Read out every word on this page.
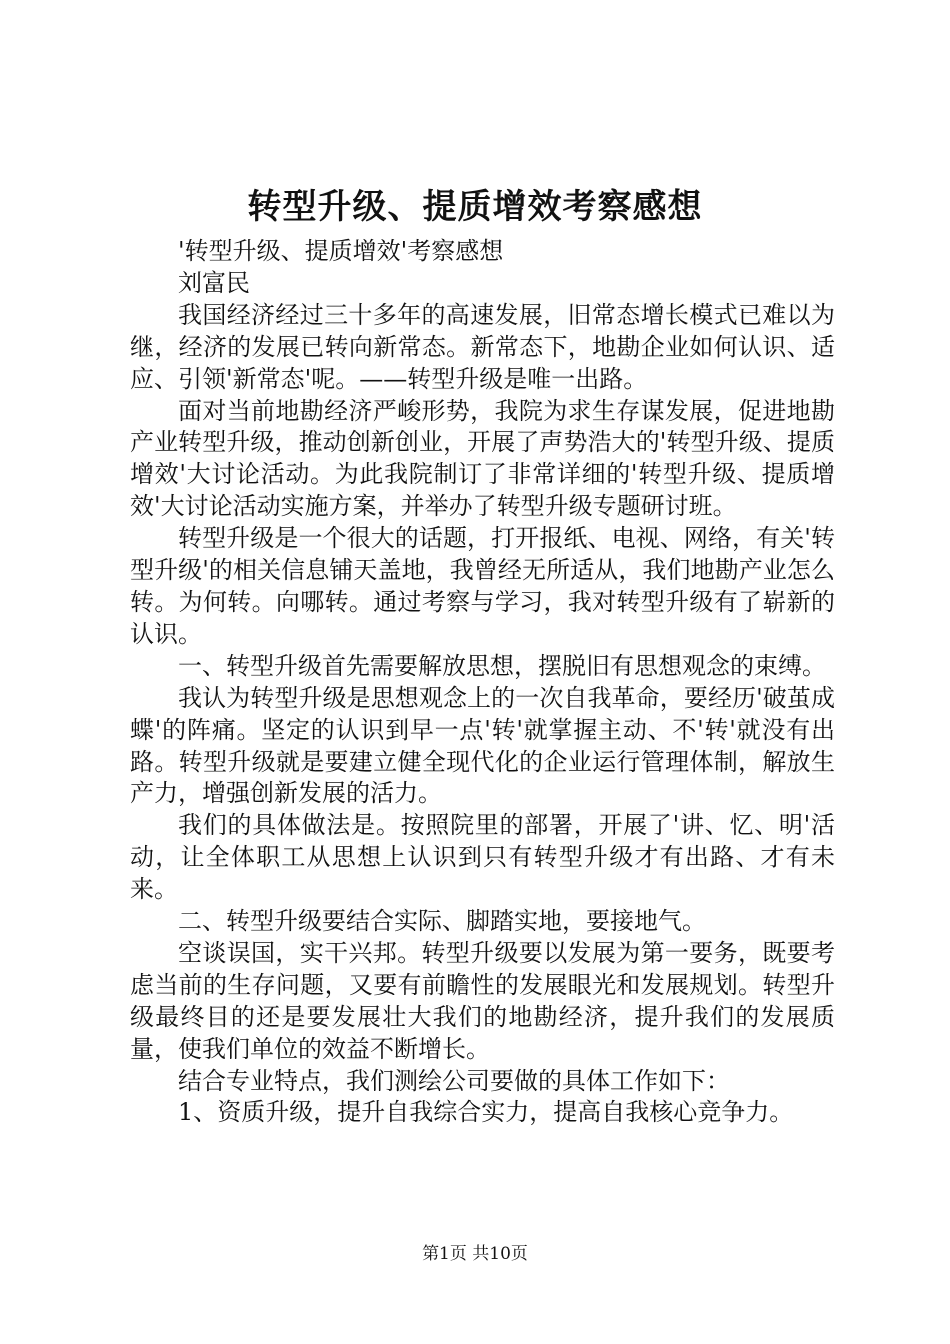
转型升级、提质增效考察感想

'转型升级、提质增效'考察感想

刘富民

我国经济经过三十多年的高速发展，旧常态增长模式已难以为继，经济的发展已转向新常态。新常态下，地勘企业如何认识、适应、引领'新常态'呢。——转型升级是唯一出路。

面对当前地勘经济严峻形势，我院为求生存谋发展，促进地勘产业转型升级，推动创新创业，开展了声势浩大的'转型升级、提质增效'大讨论活动。为此我院制订了非常详细的'转型升级、提质增效'大讨论活动实施方案，并举办了转型升级专题研讨班。

转型升级是一个很大的话题，打开报纸、电视、网络，有关'转型升级'的相关信息铺天盖地，我曾经无所适从，我们地勘产业怎么转。为何转。向哪转。通过考察与学习，我对转型升级有了崭新的认识。

一、转型升级首先需要解放思想，摆脱旧有思想观念的束缚。

我认为转型升级是思想观念上的一次自我革命，要经历'破茧成蝶'的阵痛。坚定的认识到早一点'转'就掌握主动、不'转'就没有出路。转型升级就是要建立健全现代化的企业运行管理体制，解放生产力，增强创新发展的活力。

我们的具体做法是。按照院里的部署，开展了'讲、忆、明'活动，让全体职工从思想上认识到只有转型升级才有出路、才有未来。

二、转型升级要结合实际、脚踏实地，要接地气。

空谈误国，实干兴邦。转型升级要以发展为第一要务，既要考虑当前的生存问题，又要有前瞻性的发展眼光和发展规划。转型升级最终目的还是要发展壮大我们的地勘经济，提升我们的发展质量，使我们单位的效益不断增长。

结合专业特点，我们测绘公司要做的具体工作如下：

1、资质升级，提升自我综合实力，提高自我核心竞争力。

第1页 共10页
